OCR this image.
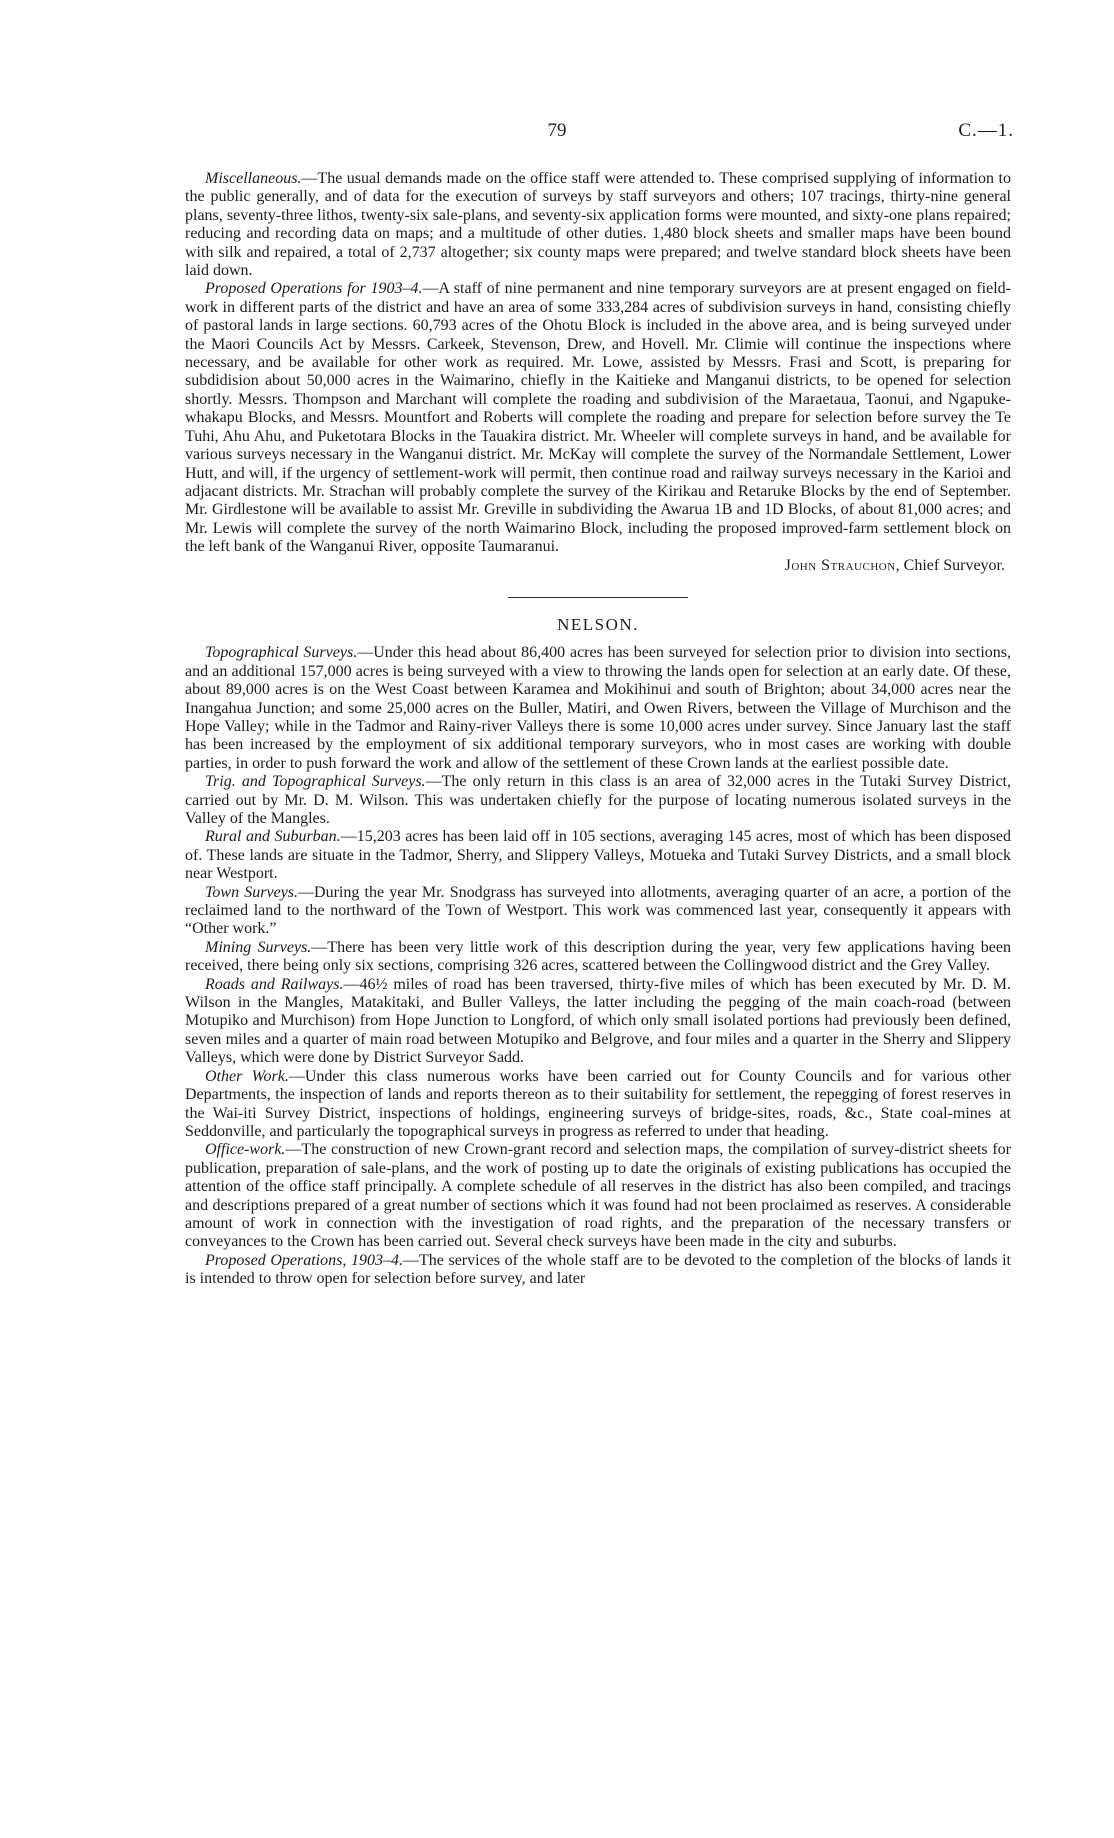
79	C.—1.

Miscellaneous.—The usual demands made on the office staff were attended to. These comprised supplying of information to the public generally, and of data for the execution of surveys by staff surveyors and others; 107 tracings, thirty-nine general plans, seventy-three lithos, twenty-six sale-plans, and seventy-six application forms were mounted, and sixty-one plans repaired; reducing and recording data on maps; and a multitude of other duties. 1,480 block sheets and smaller maps have been bound with silk and repaired, a total of 2,737 altogether; six county maps were prepared; and twelve standard block sheets have been laid down.

Proposed Operations for 1903–4.—A staff of nine permanent and nine temporary surveyors are at present engaged on field-work in different parts of the district and have an area of some 333,284 acres of subdivision surveys in hand, consisting chiefly of pastoral lands in large sections. 60,793 acres of the Ohotu Block is included in the above area, and is being surveyed under the Maori Councils Act by Messrs. Carkeek, Stevenson, Drew, and Hovell. Mr. Climie will continue the inspections where necessary, and be available for other work as required. Mr. Lowe, assisted by Messrs. Frasi and Scott, is preparing for subdidision about 50,000 acres in the Waimarino, chiefly in the Kaitieke and Manganui districts, to be opened for selection shortly. Messrs. Thompson and Marchant will complete the roading and subdivision of the Maraetaua, Taonui, and Ngapuke-whakapu Blocks, and Messrs. Mountfort and Roberts will complete the roading and prepare for selection before survey the Te Tuhi, Ahu Ahu, and Puketotara Blocks in the Tauakira district. Mr. Wheeler will complete surveys in hand, and be available for various surveys necessary in the Wanganui district. Mr. McKay will complete the survey of the Normandale Settlement, Lower Hutt, and will, if the urgency of settlement-work will permit, then continue road and railway surveys necessary in the Karioi and adjacant districts. Mr. Strachan will probably complete the survey of the Kirikau and Retaruke Blocks by the end of September. Mr. Girdlestone will be available to assist Mr. Greville in subdividing the Awarua 1B and 1D Blocks, of about 81,000 acres; and Mr. Lewis will complete the survey of the north Waimarino Block, including the proposed improved-farm settlement block on the left bank of the Wanganui River, opposite Taumaranui.

John Strauchon, Chief Surveyor.

NELSON.

Topographical Surveys.—Under this head about 86,400 acres has been surveyed for selection prior to division into sections, and an additional 157,000 acres is being surveyed with a view to throwing the lands open for selection at an early date. Of these, about 89,000 acres is on the West Coast between Karamea and Mokihinui and south of Brighton; about 34,000 acres near the Inangahua Junction; and some 25,000 acres on the Buller, Matiri, and Owen Rivers, between the Village of Murchison and the Hope Valley; while in the Tadmor and Rainy-river Valleys there is some 10,000 acres under survey. Since January last the staff has been increased by the employment of six additional temporary surveyors, who in most cases are working with double parties, in order to push forward the work and allow of the settlement of these Crown lands at the earliest possible date.

Trig. and Topographical Surveys.—The only return in this class is an area of 32,000 acres in the Tutaki Survey District, carried out by Mr. D. M. Wilson. This was undertaken chiefly for the purpose of locating numerous isolated surveys in the Valley of the Mangles.

Rural and Suburban.—15,203 acres has been laid off in 105 sections, averaging 145 acres, most of which has been disposed of. These lands are situate in the Tadmor, Sherry, and Slippery Valleys, Motueka and Tutaki Survey Districts, and a small block near Westport.

Town Surveys.—During the year Mr. Snodgrass has surveyed into allotments, averaging quarter of an acre, a portion of the reclaimed land to the northward of the Town of Westport. This work was commenced last year, consequently it appears with “Other work.”

Mining Surveys.—There has been very little work of this description during the year, very few applications having been received, there being only six sections, comprising 326 acres, scattered between the Collingwood district and the Grey Valley.

Roads and Railways.—46½ miles of road has been traversed, thirty-five miles of which has been executed by Mr. D. M. Wilson in the Mangles, Matakitaki, and Buller Valleys, the latter including the pegging of the main coach-road (between Motupiko and Murchison) from Hope Junction to Longford, of which only small isolated portions had previously been defined, seven miles and a quarter of main road between Motupiko and Belgrove, and four miles and a quarter in the Sherry and Slippery Valleys, which were done by District Surveyor Sadd.

Other Work.—Under this class numerous works have been carried out for County Councils and for various other Departments, the inspection of lands and reports thereon as to their suitability for settlement, the repegging of forest reserves in the Wai-iti Survey District, inspections of holdings, engineering surveys of bridge-sites, roads, &c., State coal-mines at Seddonville, and particularly the topographical surveys in progress as referred to under that heading.

Office-work.—The construction of new Crown-grant record and selection maps, the compilation of survey-district sheets for publication, preparation of sale-plans, and the work of posting up to date the originals of existing publications has occupied the attention of the office staff principally. A complete schedule of all reserves in the district has also been compiled, and tracings and descriptions prepared of a great number of sections which it was found had not been proclaimed as reserves. A considerable amount of work in connection with the investigation of road rights, and the preparation of the necessary transfers or conveyances to the Crown has been carried out. Several check surveys have been made in the city and suburbs.

Proposed Operations, 1903–4.—The services of the whole staff are to be devoted to the completion of the blocks of lands it is intended to throw open for selection before survey, and later
